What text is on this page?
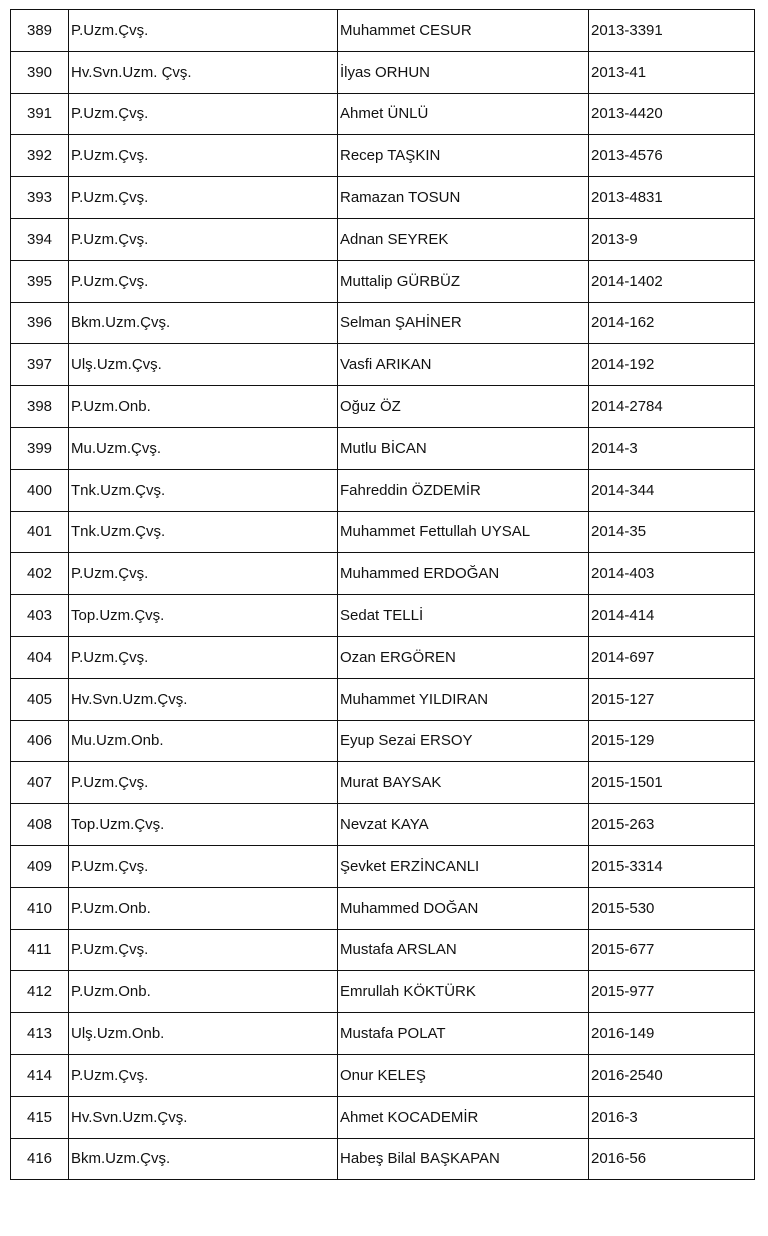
389	P.Uzm.Çvş.	Muhammet CESUR	2013-3391
390	Hv.Svn.Uzm. Çvş.	İlyas ORHUN	2013-41
391	P.Uzm.Çvş.	Ahmet ÜNLÜ	2013-4420
392	P.Uzm.Çvş.	Recep TAŞKIN	2013-4576
393	P.Uzm.Çvş.	Ramazan TOSUN	2013-4831
394	P.Uzm.Çvş.	Adnan SEYREK	2013-9
395	P.Uzm.Çvş.	Muttalip GÜRBÜZ	2014-1402
396	Bkm.Uzm.Çvş.	Selman ŞAHİNER	2014-162
397	Ulş.Uzm.Çvş.	Vasfi ARIKAN	2014-192
398	P.Uzm.Onb.	Oğuz ÖZ	2014-2784
399	Mu.Uzm.Çvş.	Mutlu BİCAN	2014-3
400	Tnk.Uzm.Çvş.	Fahreddin ÖZDEMİR	2014-344
401	Tnk.Uzm.Çvş.	Muhammet Fettullah UYSAL	2014-35
402	P.Uzm.Çvş.	Muhammed ERDOĞAN	2014-403
403	Top.Uzm.Çvş.	Sedat TELLİ	2014-414
404	P.Uzm.Çvş.	Ozan ERGÖREN	2014-697
405	Hv.Svn.Uzm.Çvş.	Muhammet YILDIRAN	2015-127
406	Mu.Uzm.Onb.	Eyup Sezai ERSOY	2015-129
407	P.Uzm.Çvş.	Murat BAYSAK	2015-1501
408	Top.Uzm.Çvş.	Nevzat KAYA	2015-263
409	P.Uzm.Çvş.	Şevket ERZİNCANLI	2015-3314
410	P.Uzm.Onb.	Muhammed DOĞAN	2015-530
411	P.Uzm.Çvş.	Mustafa ARSLAN	2015-677
412	P.Uzm.Onb.	Emrullah KÖKTÜRK	2015-977
413	Ulş.Uzm.Onb.	Mustafa POLAT	2016-149
414	P.Uzm.Çvş.	Onur KELEŞ	2016-2540
415	Hv.Svn.Uzm.Çvş.	Ahmet KOCADEMİR	2016-3
416	Bkm.Uzm.Çvş.	Habeş Bilal BAŞKAPAN	2016-56
